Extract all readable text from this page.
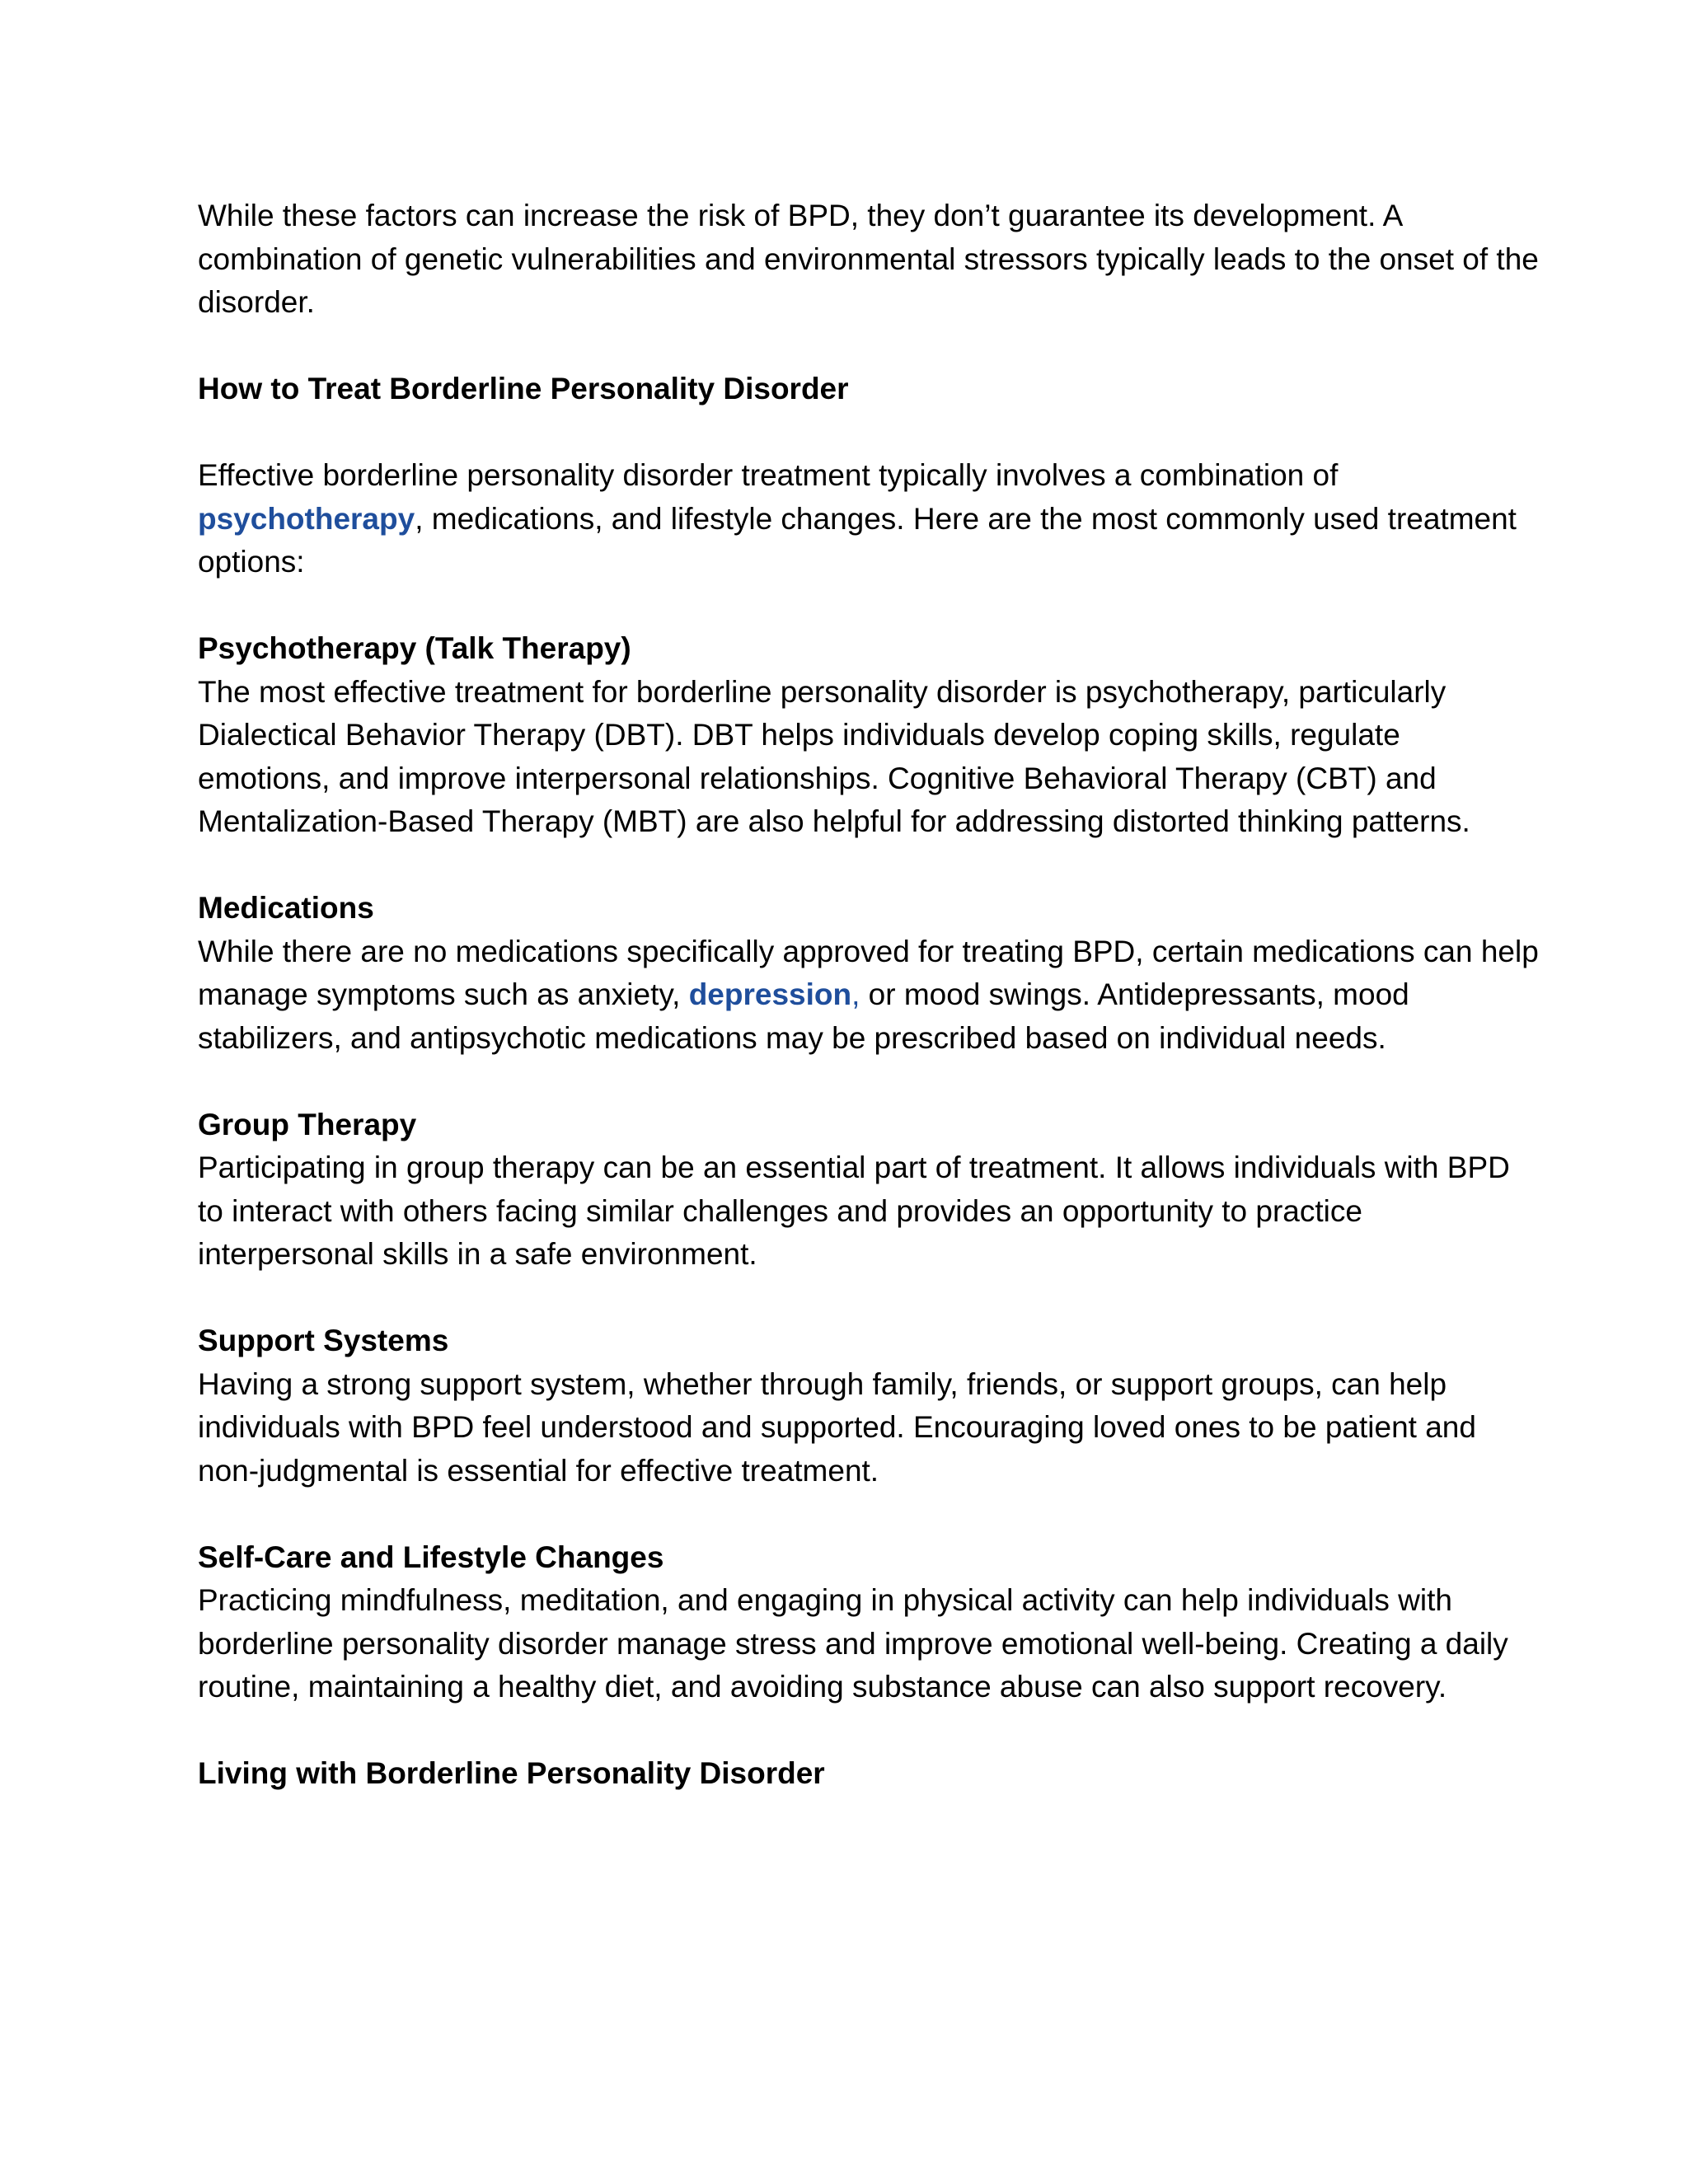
While these factors can increase the risk of BPD, they don’t guarantee its development. A combination of genetic vulnerabilities and environmental stressors typically leads to the onset of the disorder.

How to Treat Borderline Personality Disorder

Effective borderline personality disorder treatment typically involves a combination of psychotherapy, medications, and lifestyle changes. Here are the most commonly used treatment options:

Psychotherapy (Talk Therapy)

The most effective treatment for borderline personality disorder is psychotherapy, particularly Dialectical Behavior Therapy (DBT). DBT helps individuals develop coping skills, regulate emotions, and improve interpersonal relationships. Cognitive Behavioral Therapy (CBT) and Mentalization-Based Therapy (MBT) are also helpful for addressing distorted thinking patterns.

Medications

While there are no medications specifically approved for treating BPD, certain medications can help manage symptoms such as anxiety, depression, or mood swings. Antidepressants, mood stabilizers, and antipsychotic medications may be prescribed based on individual needs.

Group Therapy

Participating in group therapy can be an essential part of treatment. It allows individuals with BPD to interact with others facing similar challenges and provides an opportunity to practice interpersonal skills in a safe environment.

Support Systems

Having a strong support system, whether through family, friends, or support groups, can help individuals with BPD feel understood and supported. Encouraging loved ones to be patient and non-judgmental is essential for effective treatment.

Self-Care and Lifestyle Changes

Practicing mindfulness, meditation, and engaging in physical activity can help individuals with borderline personality disorder manage stress and improve emotional well-being. Creating a daily routine, maintaining a healthy diet, and avoiding substance abuse can also support recovery.

Living with Borderline Personality Disorder
